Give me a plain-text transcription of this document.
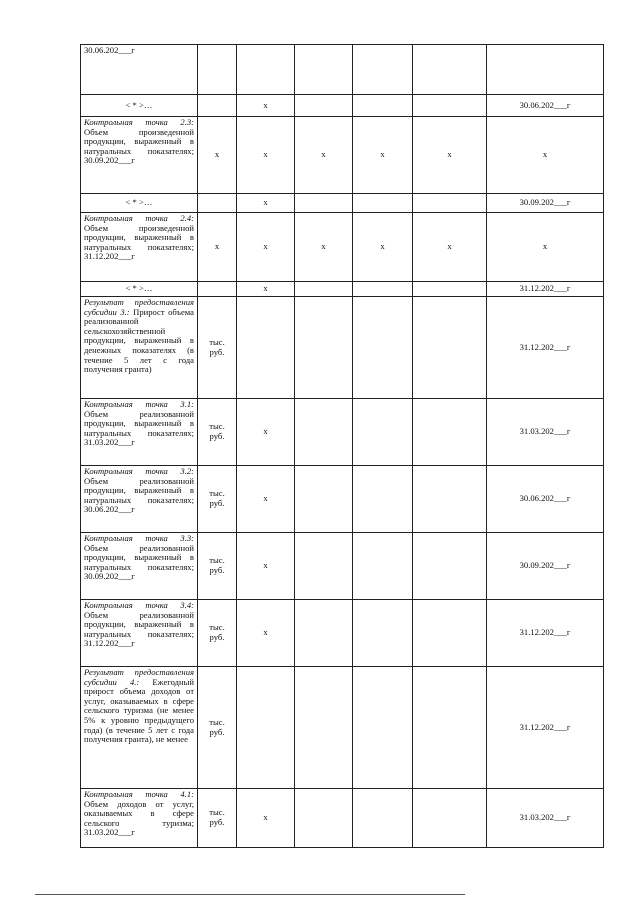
30.06.202___г						
< * >…		x				30.06.202___г
Контрольная точка 2.3: Объем произведенной продукции, выраженный в натуральных показателях; 30.09.202___г	x	x	x	x	x	x
< * >…		x				30.09.202___г
Контрольная точка 2.4: Объем произведенной продукции, выраженный в натуральных показателях; 31.12.202___г	x	x	x	x	x	x
< * >…		x				31.12.202___г
Результат предоставления субсидии 3.: Прирост объема реализованной сельскохозяйственной продукции, выраженный в денежных показателях (в течение 5 лет с года получения гранта)	тыс. руб.					31.12.202___г
Контрольная точка 3.1: Объем реализованной продукции, выраженный в натуральных показателях; 31.03.202___г	тыс. руб.	x				31.03.202___г
Контрольная точка 3.2: Объем реализованной продукции, выраженный в натуральных показателях; 30.06.202___г	тыс. руб.	x				30.06.202___г
Контрольная точка 3.3: Объем реализованной продукции, выраженный в натуральных показателях; 30.09.202___г	тыс. руб.	x				30.09.202___г
Контрольная точка 3.4: Объем реализованной продукции, выраженный в натуральных показателях; 31.12.202___г	тыс. руб.	x				31.12.202___г
Результат предоставления субсидии 4.: Ежегодный прирост объема доходов от услуг, оказываемых в сфере сельского туризма (не менее 5% к уровню предыдущего года) (в течение 5 лет с года получения гранта), не менее	тыс. руб.					31.12.202___г
Контрольная точка 4.1: Объем доходов от услуг, оказываемых в сфере сельского туризма; 31.03.202___г	тыс. руб.	x				31.03.202___г
